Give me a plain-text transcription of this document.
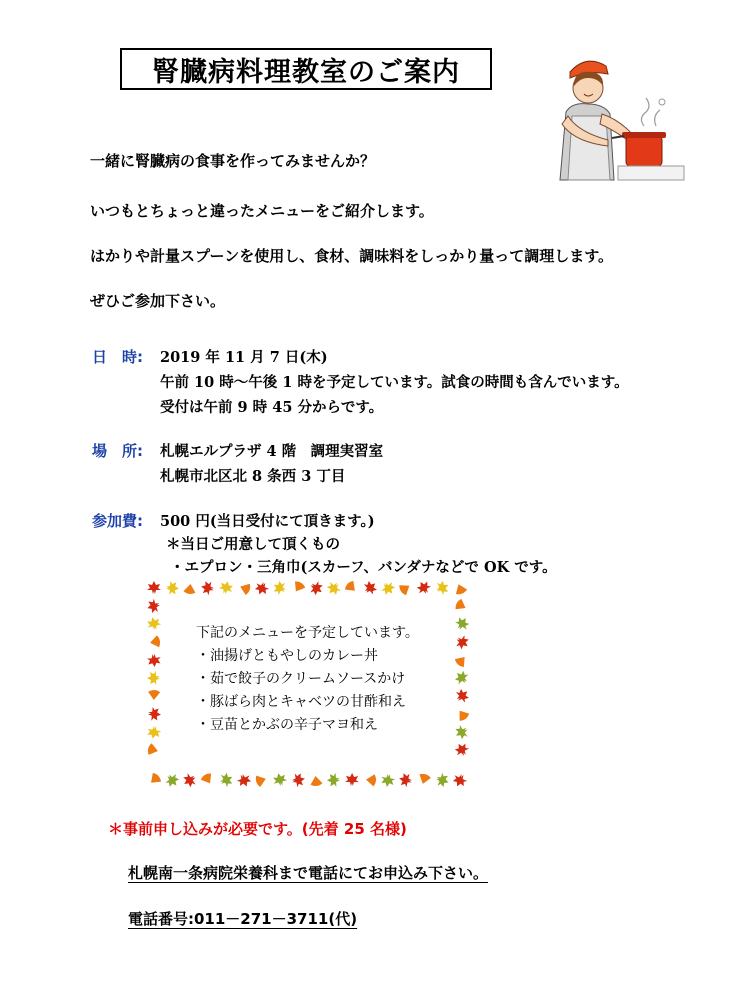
腎臓病料理教室のご案内
一緒に腎臓病の食事を作ってみませんか？
いつもとちょっと違ったメニューをご紹介します。
はかりや計量スプーンを使用し、食材、調味料をしっかり量って調理します。
ぜひご参加下さい。
日　時: 2019 年 11 月 7 日(木)
午前 10 時～午後 1 時を予定しています。試食の時間も含んでいます。
受付は午前 9 時 45 分からです。
場　所: 札幌エルプラザ 4 階　調理実習室
札幌市北区北 8 条西 3 丁目
参加費: 500 円(当日受付にて頂きます。)
＊当日ご用意して頂くもの
・エプロン・三角巾(スカーフ、バンダナなどで OK です。
下記のメニューを予定しています。
・油揚げともやしのカレー丼
・茹で餃子のクリームソースかけ
・豚ばら肉とキャベツの甘酢和え
・豆苗とかぶの辛子マヨ和え
＊事前申し込みが必要です。(先着 25 名様)
札幌南一条病院栄養科まで電話にてお申込み下さい。
電話番号:011－271－3711(代)
